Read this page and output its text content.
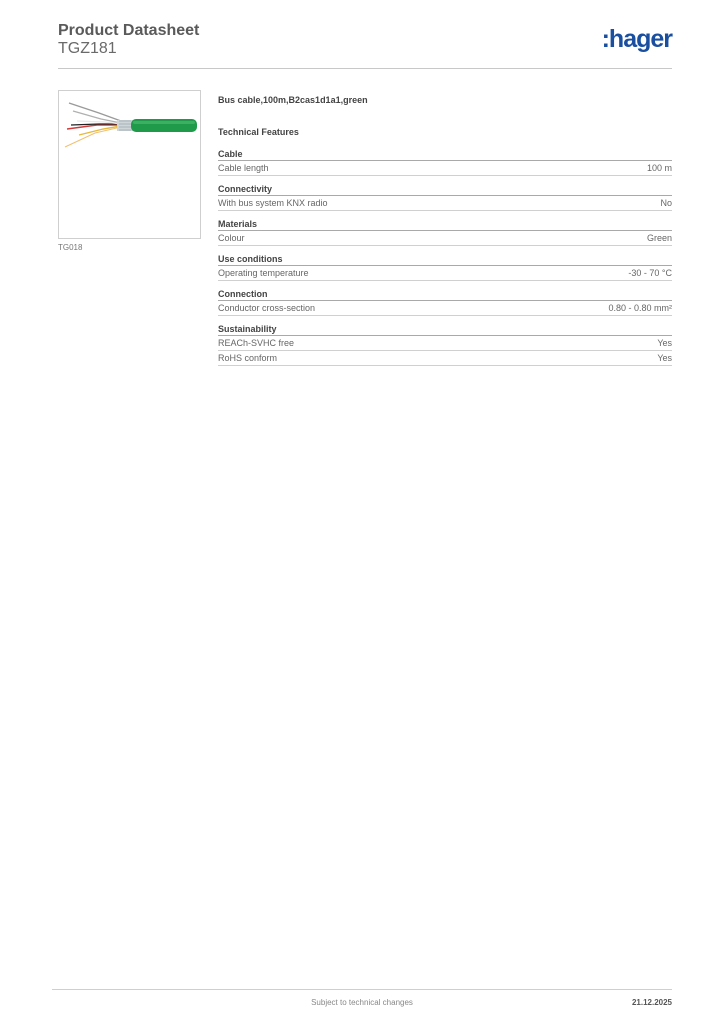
Product Datasheet
TGZ181	:hager
TG018
Bus cable,100m,B2cas1d1a1,green
Technical Features
Cable
Cable length	100 m
Connectivity
With bus system KNX radio	No
Materials
Colour	Green
Use conditions
Operating temperature	-30 - 70 °C
Connection
Conductor cross-section	0.80 - 0.80 mm²
Sustainability
REACh-SVHC free	Yes
RoHS conform	Yes
Subject to technical changes	21.12.2025
